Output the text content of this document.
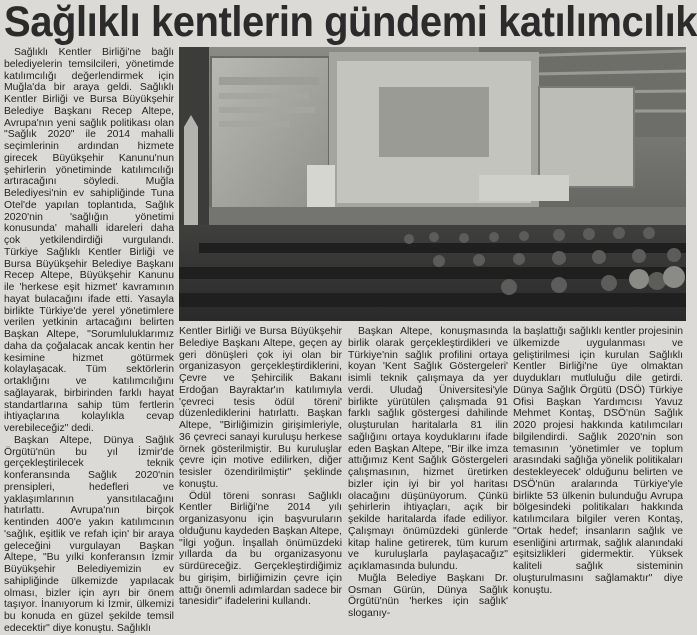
Sağlıklı kentlerin gündemi katılımcılık

Sağlıklı Kentler Birliği'ne bağlı belediyelerin temsilcileri, yönetimde katılımcılığı değerlendirmek için Muğla'da bir araya geldi. Sağlıklı Kentler Birliği ve Bursa Büyükşehir Belediye Başkanı Recep Altepe, Avrupa'nın yeni sağlık politikası olan "Sağlık 2020" ile 2014 mahalli seçimlerinin ardından hizmete girecek Büyükşehir Kanunu'nun şehirlerin yönetiminde katılımcılığı artıracağını söyledi. Muğla Belediyesi'nin ev sahipliğinde Tuna Otel'de yapılan toplantıda, Sağlık 2020'nin 'sağlığın yönetimi konusunda' mahalli idareleri daha çok yetkilendirdiği vurgulandı. Türkiye Sağlıklı Kentler Birliği ve Bursa Büyükşehir Belediye Başkanı Recep Altepe, Büyükşehir Kanunu ile 'herkese eşit hizmet' kavramının hayat bulacağını ifade etti. Yasayla birlikte Türkiye'de yerel yönetimlere verilen yetkinin artacağını belirten Başkan Altepe, "Sorumluluklarımız daha da çoğalacak ancak kentin her kesimine hizmet götürmek kolaylaşacak. Tüm sektörlerin ortaklığını ve katılımcılığını sağlayarak, birbirinden farklı hayat standartlarına sahip tüm fertlerin ihtiyaçlarına kolaylıkla cevap verebileceğiz" dedi.

Başkan Altepe, Dünya Sağlık Örgütü'nün bu yıl İzmir'de gerçekleştirilecek teknik konferansında Sağlık 2020'nin prensipleri, hedefleri ve yaklaşımlarının yansıtılacağını hatırlattı. Avrupa'nın birçok kentinden 400'e yakın katılımcının 'sağlık, eşitlik ve refah için' bir araya geleceğini vurgulayan Başkan Altepe, "Bu yılki konferansın İzmir Büyükşehir Belediyemizin ev sahipliğinde ülkemizde yapılacak olması, bizler için ayrı bir önem taşıyor. İnanıyorum ki İzmir, ülkemizi bu konuda en güzel şekilde temsil edecektir" diye konuştu. Sağlıklı

Kentler Birliği ve Bursa Büyükşehir Belediye Başkanı Altepe, geçen ay geri dönüşleri çok iyi olan bir organizasyon gerçekleştirdiklerini, Çevre ve Şehircilik Bakanı Erdoğan Bayraktar'ın katılımıyla 'çevreci tesis ödül töreni' düzenlediklerini hatırlattı. Başkan Altepe, "Birliğimizin girişimleriyle, 36 çevreci sanayi kuruluşu herkese örnek gösterilmiştir. Bu kuruluşlar çevre için motive edilirken, diğer tesisler özendirilmiştir" şeklinde konuştu.

Ödül töreni sonrası Sağlıklı Kentler Birliği'ne 2014 yılı organizasyonu için başvuruların olduğunu kaydeden Başkan Altepe, "İlgi yoğun. İnşallah önümüzdeki yıllarda da bu organizasyonu sürdüreceğiz. Gerçekleştirdiğimiz bu girişim, birliğimizin çevre için attığı önemli adımlardan sadece bir tanesidir" ifadelerini kullandı.

Başkan Altepe, konuşmasında birlik olarak gerçekleştirdikleri ve Türkiye'nin sağlık profilini ortaya koyan 'Kent Sağlık Göstergeleri' isimli teknik çalışmaya da yer verdi. Uludağ Üniversitesi'yle birlikte yürütülen çalışmada 91 farklı sağlık göstergesi dahilinde oluşturulan haritalarla 81 ilin sağlığını ortaya koyduklarını ifade eden Başkan Altepe, "Bir ilke imza attığımız Kent Sağlık Göstergeleri çalışmasının, hizmet üretirken bizler için iyi bir yol haritası olacağını düşünüyorum. Çünkü şehirlerin ihtiyaçları, açık bir şekilde haritalarda ifade ediliyor. Çalışmayı önümüzdeki günlerde kitap haline getirerek, tüm kurum ve kuruluşlarla paylaşacağız" açıklamasında bulundu.

Muğla Belediye Başkanı Dr. Osman Gürün, Dünya Sağlık Örgütü'nün 'herkes için sağlık' sloganıy-

la başlattığı sağlıklı kentler projesinin ülkemizde uygulanması ve geliştirilmesi için kurulan Sağlıklı Kentler Birliği'ne üye olmaktan duydukları mutluluğu dile getirdi. Dünya Sağlık Örgütü (DSÖ) Türkiye Ofisi Başkan Yardımcısı Yavuz Mehmet Kontaş, DSÖ'nün Sağlık 2020 projesi hakkında katılımcıları bilgilendirdi. Sağlık 2020'nin son temasının 'yönetimler ve toplum arasındaki sağlığa yönelik politikaları destekleyecek' olduğunu belirten ve DSÖ'nün aralarında Türkiye'yle birlikte 53 ülkenin bulunduğu Avrupa bölgesindeki politikaları hakkında katılımcılara bilgiler veren Kontaş, "Ortak hedef; insanların sağlık ve esenliğini artırmak, sağlık alanındaki eşitsizlikleri gidermektir. Yüksek kaliteli sağlık sisteminin oluşturulmasını sağlamaktır" diye konuştu.
